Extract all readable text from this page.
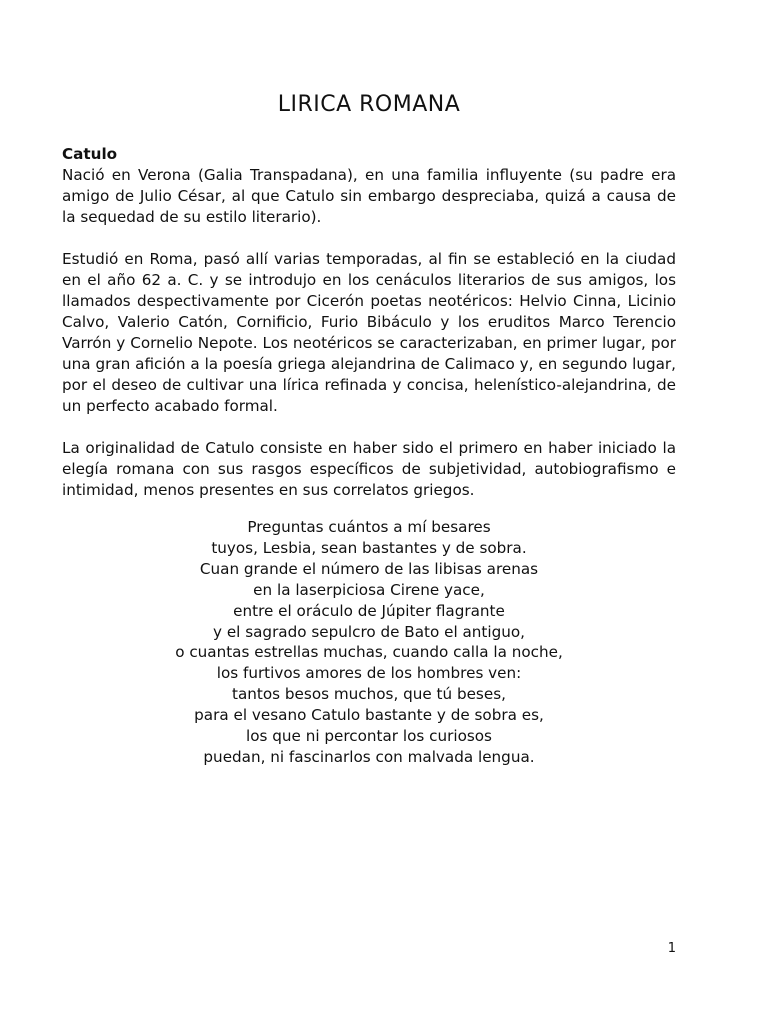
LIRICA ROMANA
Catulo
Nació en Verona (Galia Transpadana), en una familia influyente (su padre era amigo de Julio César, al que Catulo sin embargo despreciaba, quizá a causa de la sequedad de su estilo literario).

Estudió en Roma, pasó allí varias temporadas, al fin se estableció en la ciudad en el año 62 a. C. y se introdujo en los cenáculos literarios de sus amigos, los llamados despectivamente por Cicerón poetas neotéricos: Helvio Cinna, Licinio Calvo, Valerio Catón, Cornificio, Furio Bibáculo y los eruditos Marco Terencio Varrón y Cornelio Nepote. Los neotéricos se caracterizaban, en primer lugar, por una gran afición a la poesía griega alejandrina de Calimaco y, en segundo lugar, por el deseo de cultivar una lírica refinada y concisa, helenístico-alejandrina, de un perfecto acabado formal.

La originalidad de Catulo consiste en haber sido el primero en haber iniciado la elegía romana con sus rasgos específicos de subjetividad, autobiografismo e intimidad, menos presentes en sus correlatos griegos.

Preguntas cuántos a mí besares
tuyos, Lesbia, sean bastantes y de sobra.
Cuan grande el número de las libisas arenas
en la laserpiciosa Cirene yace,
entre el oráculo de Júpiter flagrante
y el sagrado sepulcro de Bato el antiguo,
o cuantas estrellas muchas, cuando calla la noche,
los furtivos amores de los hombres ven:
tantos besos muchos, que tú beses,
para el vesano Catulo bastante y de sobra es,
los que ni percontar los curiosos
puedan, ni fascinarlos con malvada lengua.
1
